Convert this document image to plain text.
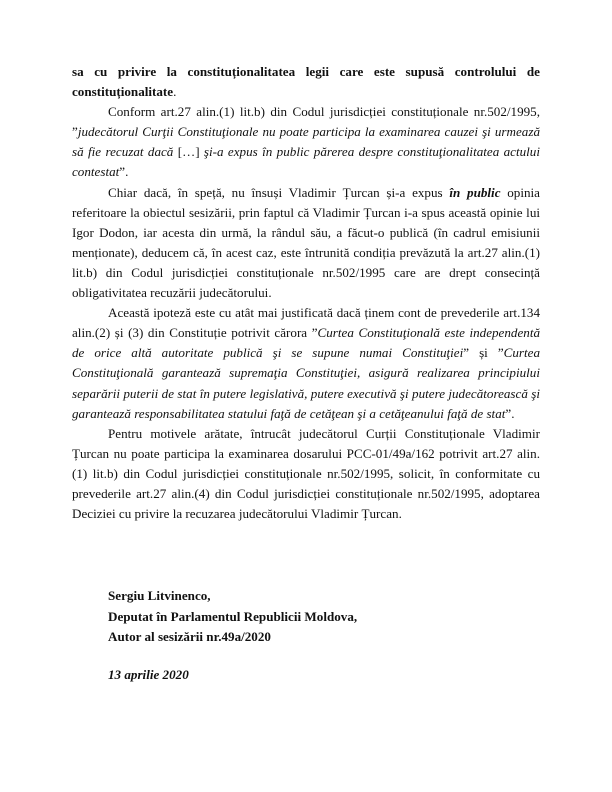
sa cu privire la constituționalitatea legii care este supusă controlului de constituționalitate.

Conform art.27 alin.(1) lit.b) din Codul jurisdicției constituționale nr.502/1995, ”judecătorul Curţii Constituţionale nu poate participa la examinarea cauzei şi urmează să fie recuzat dacă […] şi-a expus în public părerea despre constituţionalitatea actului contestat”.

Chiar dacă, în speță, nu însuși Vladimir Țurcan și-a expus în public opinia referitoare la obiectul sesizării, prin faptul că Vladimir Țurcan i-a spus această opinie lui Igor Dodon, iar acesta din urmă, la rândul său, a făcut-o publică (în cadrul emisiunii menționate), deducem că, în acest caz, este întrunită condiția prevăzută la art.27 alin.(1) lit.b) din Codul jurisdicției constituționale nr.502/1995 care are drept consecință obligativitatea recuzării judecătorului.

Această ipoteză este cu atât mai justificată dacă ținem cont de prevederile art.134 alin.(2) și (3) din Constituție potrivit cărora ”Curtea Constituţională este independentă de orice altă autoritate publică şi se supune numai Constituţiei” și ”Curtea Constituţională garantează supremaţia Constituţiei, asigură realizarea principiului separării puterii de stat în putere legislativă, putere executivă şi putere judecătorească şi garantează responsabilitatea statului faţă de cetăţean şi a cetăţeanului faţă de stat”.

Pentru motivele arătate, întrucât judecătorul Curții Constituționale Vladimir Țurcan nu poate participa la examinarea dosarului PCC-01/49a/162 potrivit art.27 alin.(1) lit.b) din Codul jurisdicției constituționale nr.502/1995, solicit, în conformitate cu prevederile art.27 alin.(4) din Codul jurisdicției constituționale nr.502/1995, adoptarea Deciziei cu privire la recuzarea judecătorului Vladimir Țurcan.

Sergiu Litvinenco,
Deputat în Parlamentul Republicii Moldova,
Autor al sesizării nr.49a/2020
13 aprilie 2020
